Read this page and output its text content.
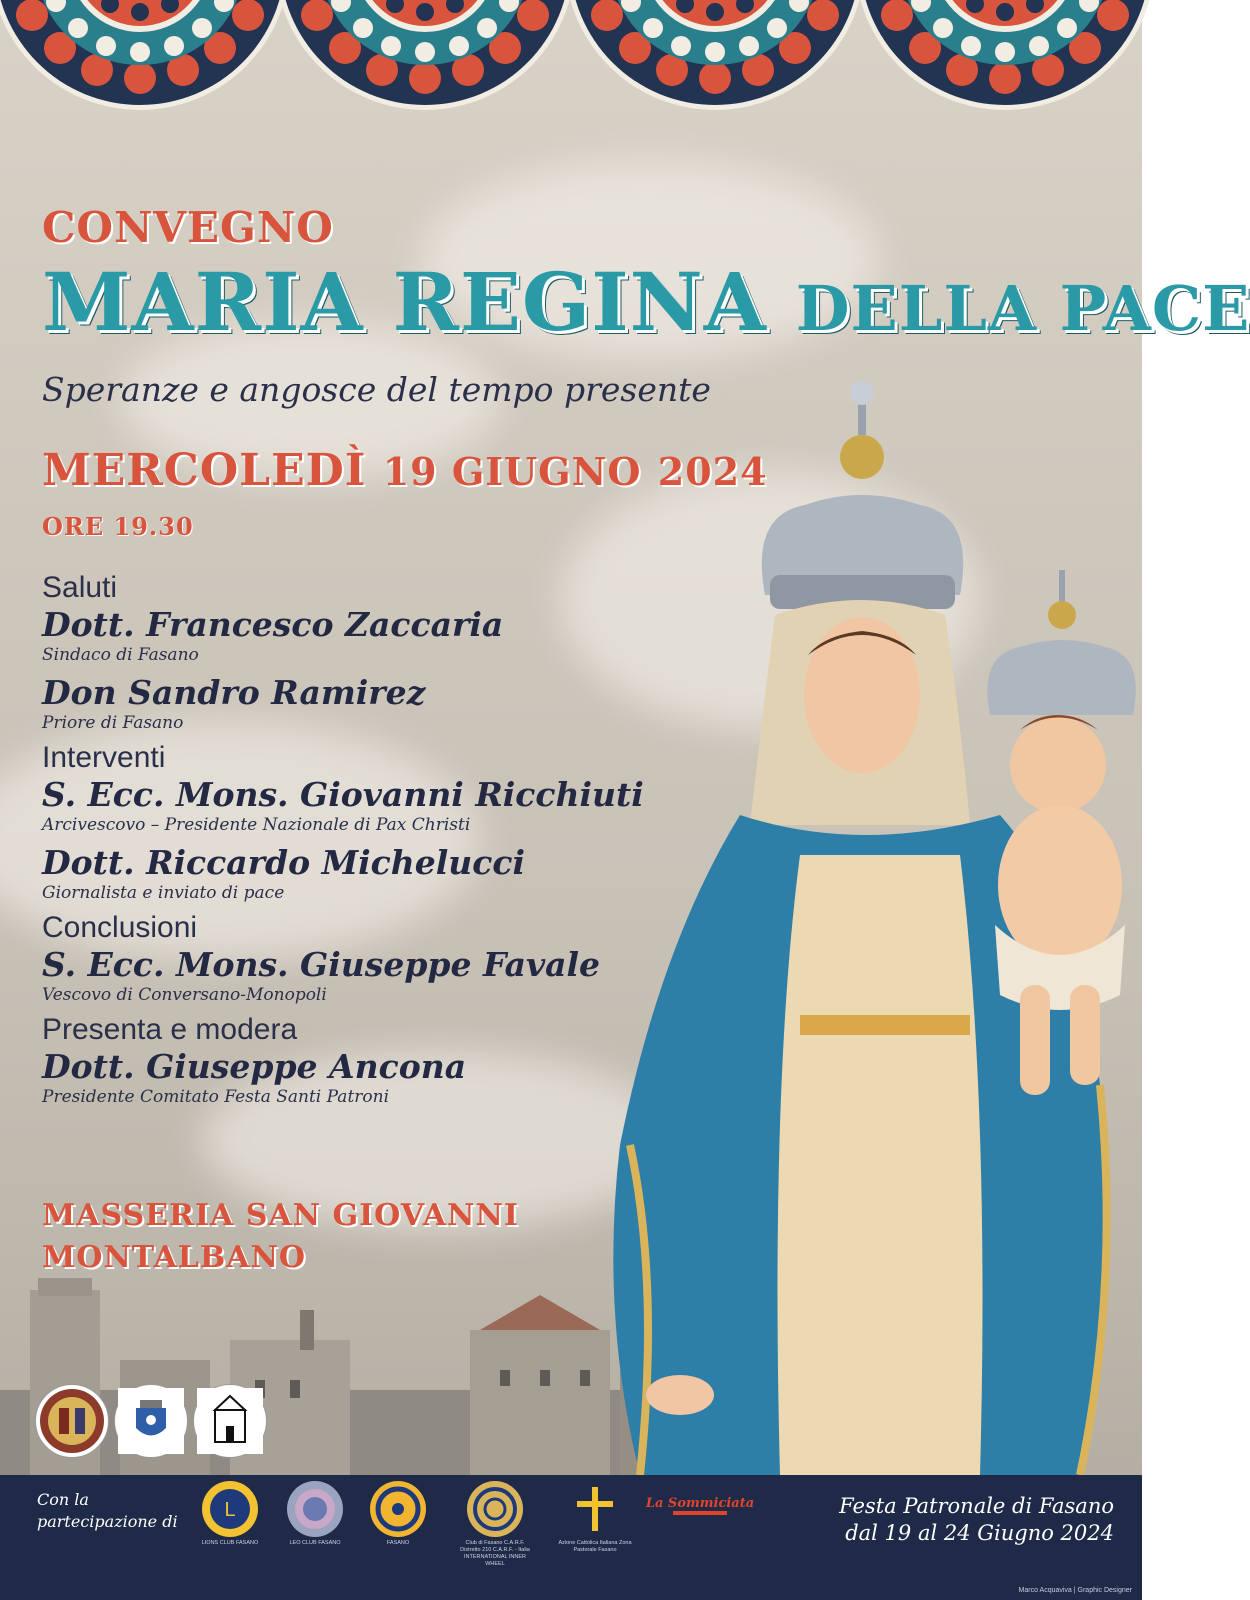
CONVEGNO
MARIA REGINA DELLA PACE
Speranze e angosce del tempo presente
MERCOLEDÌ 19 GIUGNO 2024
ORE 19.30
Saluti
Dott. Francesco Zaccaria
Sindaco di Fasano
Don Sandro Ramirez
Priore di Fasano
Interventi
S. Ecc. Mons. Giovanni Ricchiuti
Arcivescovo – Presidente Nazionale di Pax Christi
Dott. Riccardo Michelucci
Giornalista e inviato di pace
Conclusioni
S. Ecc. Mons. Giuseppe Favale
Vescovo di Conversano-Monopoli
Presenta e modera
Dott. Giuseppe Ancona
Presidente Comitato Festa Santi Patroni
MASSERIA SAN GIOVANNI
MONTALBANO
Con la
partecipazione di
L
LIONS CLUB FASANO	LEO CLUB FASANO	FASANO	Club di Fasano C.A.R.F. Distretto 210 C.A.R.F. - Italia INTERNATIONAL INNER WHEEL
Azione Cattolica Italiana Zona Pastorale Fasano
La Sommiciata	Festa Patronale di Fasano
dal 19 al 24 Giugno 2024
Marco Acquaviva | Graphic Designer
